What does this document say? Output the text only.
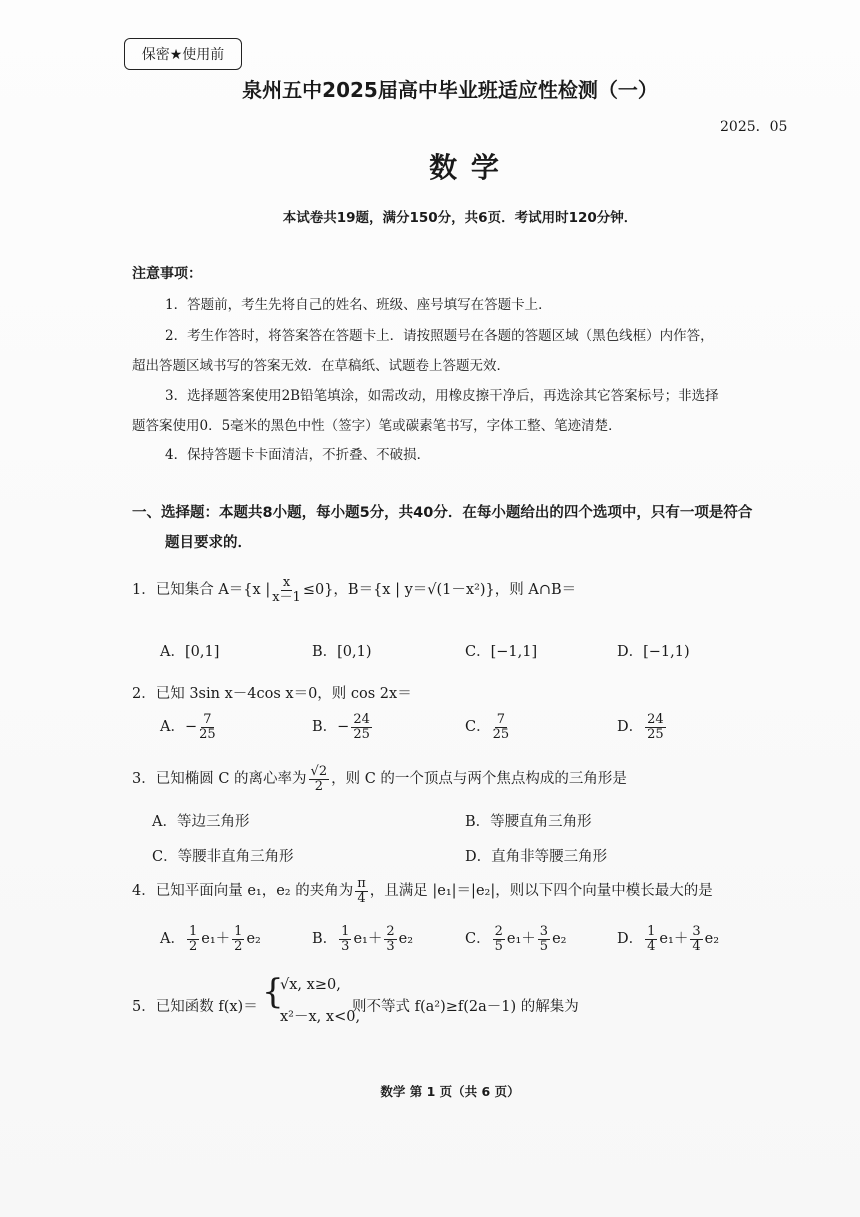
保密★使用前
泉州五中2025届高中毕业班适应性检测（一）
2025．05
数 学
本试卷共19题，满分150分，共6页．考试用时120分钟．
注意事项：
1．答题前，考生先将自己的姓名、班级、座号填写在答题卡上．
2．考生作答时，将答案答在答题卡上．请按照题号在各题的答题区域（黑色线框）内作答，
超出答题区域书写的答案无效．在草稿纸、试题卷上答题无效．
3．选择题答案使用2B铅笔填涂，如需改动，用橡皮擦干净后，再选涂其它答案标号；非选择
题答案使用0．5毫米的黑色中性（签字）笔或碳素笔书写，字体工整、笔迹清楚．
4．保持答题卡卡面清洁，不折叠、不破损．
一、选择题：本题共8小题，每小题5分，共40分．在每小题给出的四个选项中，只有一项是符合
题目要求的．
1．已知集合 A＝{x | $\frac{x}{x-1} \le 0$}，B＝{x | y＝√(1－x²)}，则 A∩B＝
A．[0,1]	B．[0,1)	C．[−1,1]	D．[−1,1)
2．已知 3sin x－4cos x＝0，则 cos 2x＝
A．− $\frac{7}{25}$	B．− $\frac{24}{25}$	C． $\frac{7}{25}$	D． $\frac{24}{25}$
3．已知椭圆 C 的离心率为 $\frac{√2}{2}$ ，则 C 的一个顶点与两个焦点构成的三角形是
A．等边三角形	B．等腰直角三角形
C．等腰非直角三角形	D．直角非等腰三角形
4．已知平面向量 e₁，e₂ 的夹角为 $\frac{\pi}{4}$ ，且满足 |e₁|＝|e₂|，则以下四个向量中模长最大的是
A． $\frac{1}{2} e_1+ \frac{1}{2} e_2$	B． $\frac{1}{3} e_1+ \frac{2}{3} e_2$	C． $\frac{2}{5} e_1+ \frac{3}{5} e_2$	D． $\frac{1}{4} e_1+ \frac{3}{4} e_2$
5．已知函数 f(x)＝ {
√x, x≥0,
x²－x, x<0,
则不等式 f(a²)≥f(2a－1) 的解集为
数学 第 1 页（共 6 页）
